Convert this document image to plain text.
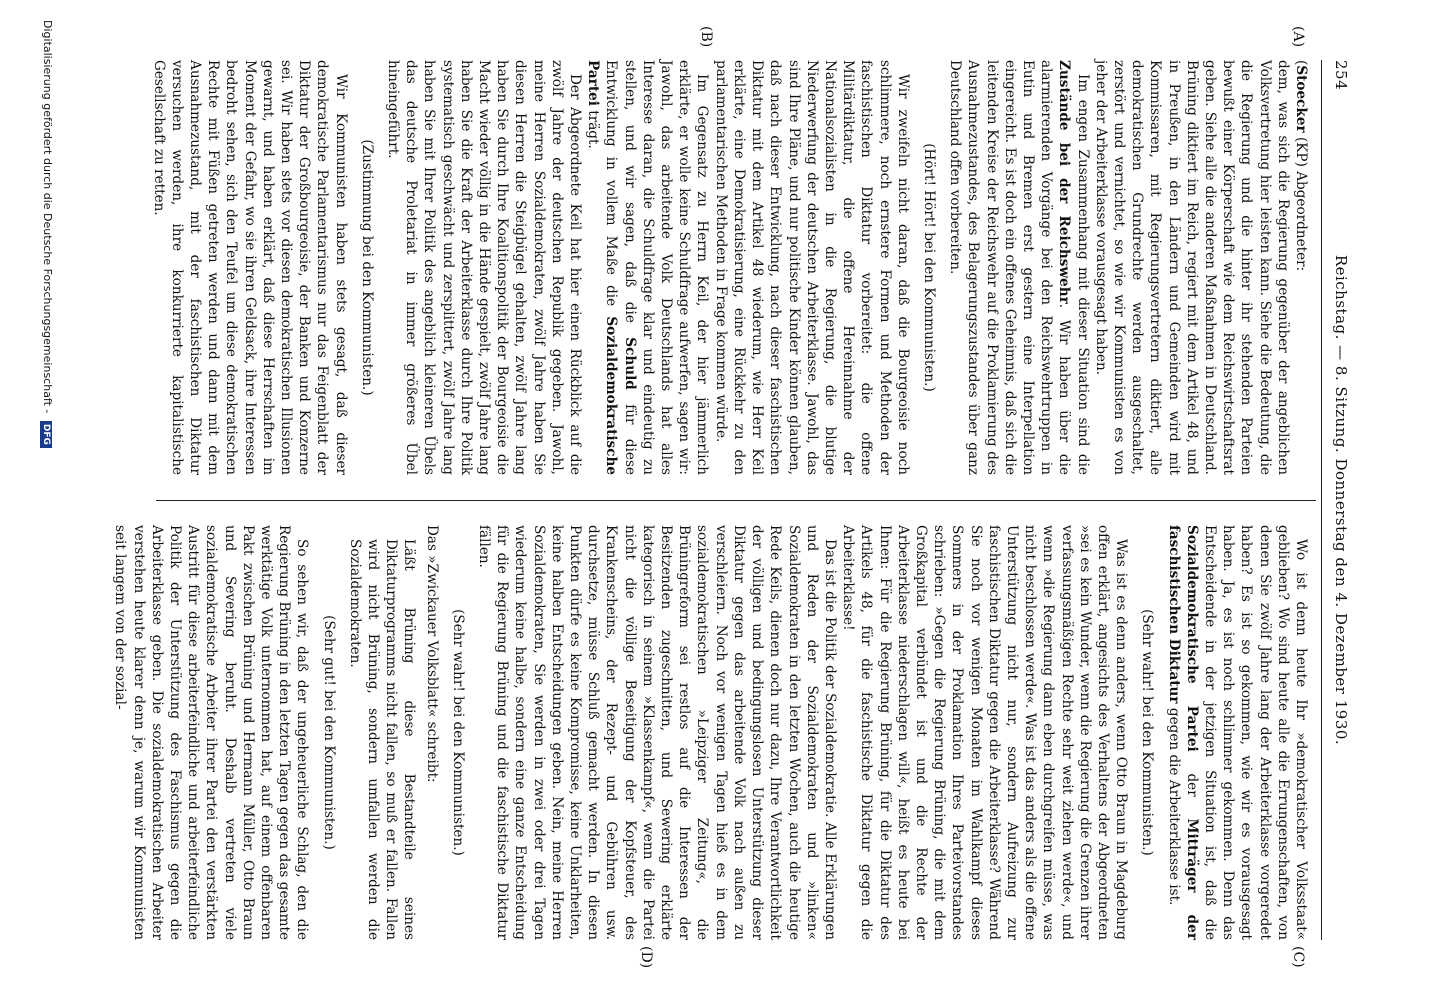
254
Reichstag. — 8. Sitzung. Donnerstag den 4. Dezember 1930.
(A)
(B)
(C)
(D)

(Stoecker (KP) Abgeordneter:

dem, was sich die Regierung gegenüber der angeblichen Volksvertretung hier leisten kann. Siehe die Bedeutung, die die Regierung und die hinter ihr stehenden Parteien bewußt einer Körperschaft wie dem Reichswirtschaftsrat geben. Siehe alle die anderen Maßnahmen in Deutschland. Brüning diktiert im Reich, regiert mit dem Artikel 48, und in Preußen, in den Ländern und Gemeinden wird mit Kommissaren, mit Regierungsvertretern diktiert, alle demokratischen Grundrechte werden ausgeschaltet, zerstört und vernichtet, so wie wir Kommunisten es von jeher der Arbeiterklasse vorausgesagt haben.

Im engen Zusammenhang mit dieser Situation sind die Zustände bei der Reichswehr. Wir haben über die alarmierenden Vorgänge bei den Reichswehrtruppen in Eutin und Bremen erst gestern eine Interpellation eingereicht. Es ist doch ein offenes Geheimnis, daß sich die leitenden Kreise der Reichswehr auf die Proklamierung des Ausnahmezustandes, des Belagerungszustandes über ganz Deutschland offen vorbereiten.

(Hört! Hört! bei den Kommunisten.)

Wir zweifeln nicht daran, daß die Bourgeoisie noch schlimmere, noch ernstere Formen und Methoden der faschistischen Diktatur vorbereitet: die offene Militärdiktatur, die offene Hereinnahme der Nationalsozialisten in die Regierung, die blutige Niederwerfung der deutschen Arbeiterklasse. Jawohl, das sind Ihre Pläne, und nur politische Kinder können glauben, daß nach dieser Entwicklung, nach dieser faschistischen Diktatur mit dem Artikel 48 wiederum, wie Herr Keil erklärte, eine Demokratisierung, eine Rückkehr zu den parlamentarischen Methoden in Frage kommen würde.

Im Gegensatz zu Herrn Keil, der hier jämmerlich erklärte, er wolle keine Schuldfrage aufwerfen, sagen wir: Jawohl, das arbeitende Volk Deutschlands hat alles Interesse daran, die Schuldfrage klar und eindeutig zu stellen, und wir sagen, daß die Schuld für diese Entwicklung in vollem Maße die Sozialdemokratische Partei trägt.

Der Abgeordnete Keil hat hier einen Rückblick auf die zwölf Jahre der deutschen Republik gegeben. Jawohl, meine Herren Sozialdemokraten, zwölf Jahre haben Sie diesen Herren die Steigbügel gehalten, zwölf Jahre lang haben Sie durch Ihre Koalitionspolitik der Bourgeoisie die Macht wieder völlig in die Hände gespielt, zwölf Jahre lang haben Sie die Kraft der Arbeiterklasse durch Ihre Politik systematisch geschwächt und zersplittert, zwölf Jahre lang haben Sie mit Ihrer Politik des angeblich kleineren Übels das deutsche Proletariat in immer größeres Übel hineingeführt.

(Zustimmung bei den Kommunisten.)

Wir Kommunisten haben stets gesagt, daß dieser demokratische Parlamentarismus nur das Feigenblatt der Diktatur der Großbourgeoisie, der Banken und Konzerne sei. Wir haben stets vor diesen demokratischen Illusionen gewarnt, und haben erklärt, daß diese Herrschaften im Moment der Gefahr, wo sie ihren Geldsack, ihre Interessen bedroht sehen, sich den Teufel um diese demokratischen Rechte mit Füßen getreten werden und dann mit dem Ausnahmezustand, mit der faschistischen Diktatur versuchen werden, ihre konkurrierte kapitalistische Gesellschaft zu retten.

Wo ist denn heute Ihr »demokratischer Volksstaat« geblieben? Wo sind heute alle die Errungenschaften, von denen Sie zwölf Jahre lang der Arbeiterklasse vorgeredet haben? Es ist so gekommen, wie wir es vorausgesagt haben. Ja, es ist noch schlimmer gekommen. Denn das Entscheidende in der jetzigen Situation ist, daß die Sozialdemokratische Partei der Mitträger der faschistischen Diktatur gegen die Arbeiterklasse ist.

(Sehr wahr! bei den Kommunisten.)

Was ist es denn anders, wenn Otto Braun in Magdeburg offen erklärt, angesichts des Verhaltens der Abgeordneten »sei es kein Wunder, wenn die Regierung die Grenzen ihrer verfassungsmäßigen Rechte sehr weit ziehen werde«, und wenn »die Regierung dann eben durchgreifen müsse, was nicht beschlossen werde«. Was ist das anders als die offene Unterstützung nicht nur, sondern Aufreizung zur faschistischen Diktatur gegen die Arbeiterklasse? Während Sie noch vor wenigen Monaten im Wahlkampf dieses Sommers in der Proklamation Ihres Parteivorstandes schrieben: »Gegen die Regierung Brüning, die mit dem Großkapital verbündet ist und die Rechte der Arbeiterklasse niederschlagen will«, heißt es heute bei Ihnen: Für die Regierung Brüning, für die Diktatur des Artikels 48, für die faschistische Diktatur gegen die Arbeiterklasse!

Das ist die Politik der Sozialdemokratie. Alle Erklärungen und Reden der Sozialdemokraten und »linken« Sozialdemokraten in den letzten Wochen, auch die heutige Rede Keils, dienen doch nur dazu, Ihre Verantwortlichkeit der völligen und bedingungslosen Unterstützung dieser Diktatur gegen das arbeitende Volk nach außen zu verschleiern. Noch vor wenigen Tagen hieß es in dem sozialdemokratischen »Leipziger Zeitung«, die Brüningreform sei restlos auf die Interessen der Besitzenden zugeschnitten, und Sewering erklärte kategorisch in seinem »Klassenkampf«, wenn die Partei nicht die völlige Beseitigung der Kopfsteuer, des Krankenscheins, der Rezept- und Gebühren usw. durchsetze, müsse Schluß gemacht werden. In diesen Punkten dürfe es keine Kompromisse, keine Unklarheiten, keine halben Entscheidungen geben. Nein, meine Herren Sozialdemokraten, Sie werden in zwei oder drei Tagen wiederum keine halbe, sondern eine ganze Entscheidung für die Regierung Brüning und die faschistische Diktatur fällen.

(Sehr wahr! bei den Kommunisten.)

Das »Zwickauer Volksblatt« schreibt:

Läßt Brüning diese Bestandteile seines Diktaturprogramms nicht fallen, so muß er fallen. Fallen wird nicht Brüning, sondern umfallen werden die Sozialdemokraten.

(Sehr gut! bei den Kommunisten.)

So sehen wir, daß der ungeheuerliche Schlag, den die Regierung Brüning in den letzten Tagen gegen das gesamte werktätige Volk unternommen hat, auf einem offenbaren Pakt zwischen Brüning und Hermann Müller, Otto Braun und Severing beruht. Deshalb vertreten viele sozialdemokratische Arbeiter ihrer Partei den verstärkten Austritt für diese arbeiterfeindliche und arbeiterfeindliche Politik der Unterstützung des Faschismus gegen die Arbeiterklasse geben. Die sozialdemokratischen Arbeiter verstehen heute klarer denn je, warum wir Kommunisten seit langem von der sozial-

Digitalisierung gefördert durch die Deutsche Forschungsgemeinschaft - DFG
